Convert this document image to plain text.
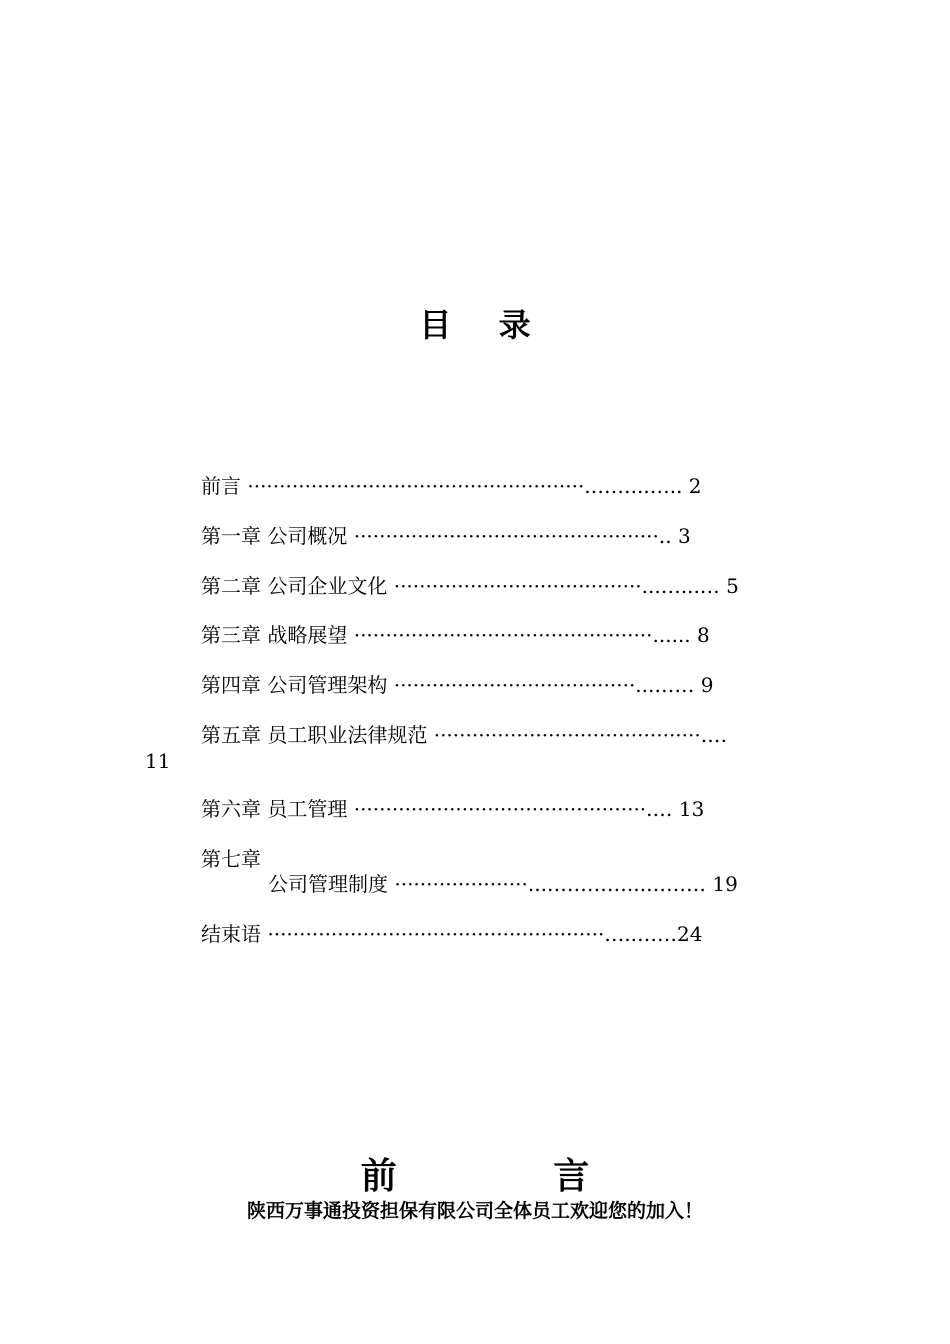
目 录
前言 ·····················································.……...….. 2
第一章 公司概况 ················································.. 3
第二章 公司企业文化 ·······································...…...… 5
第三章 战略展望 ···············································...... 8
第四章 公司管理架构 ······································...…… 9
第五章 员工职业法律规范 ··········································.…
11
第六章 员工管理 ··············································.… 13
第七章
公司管理制度 ·····················...…………...……… 19
结束语 ·····················································…..……24
前 言
陕西万事通投资担保有限公司全体员工欢迎您的加入！
